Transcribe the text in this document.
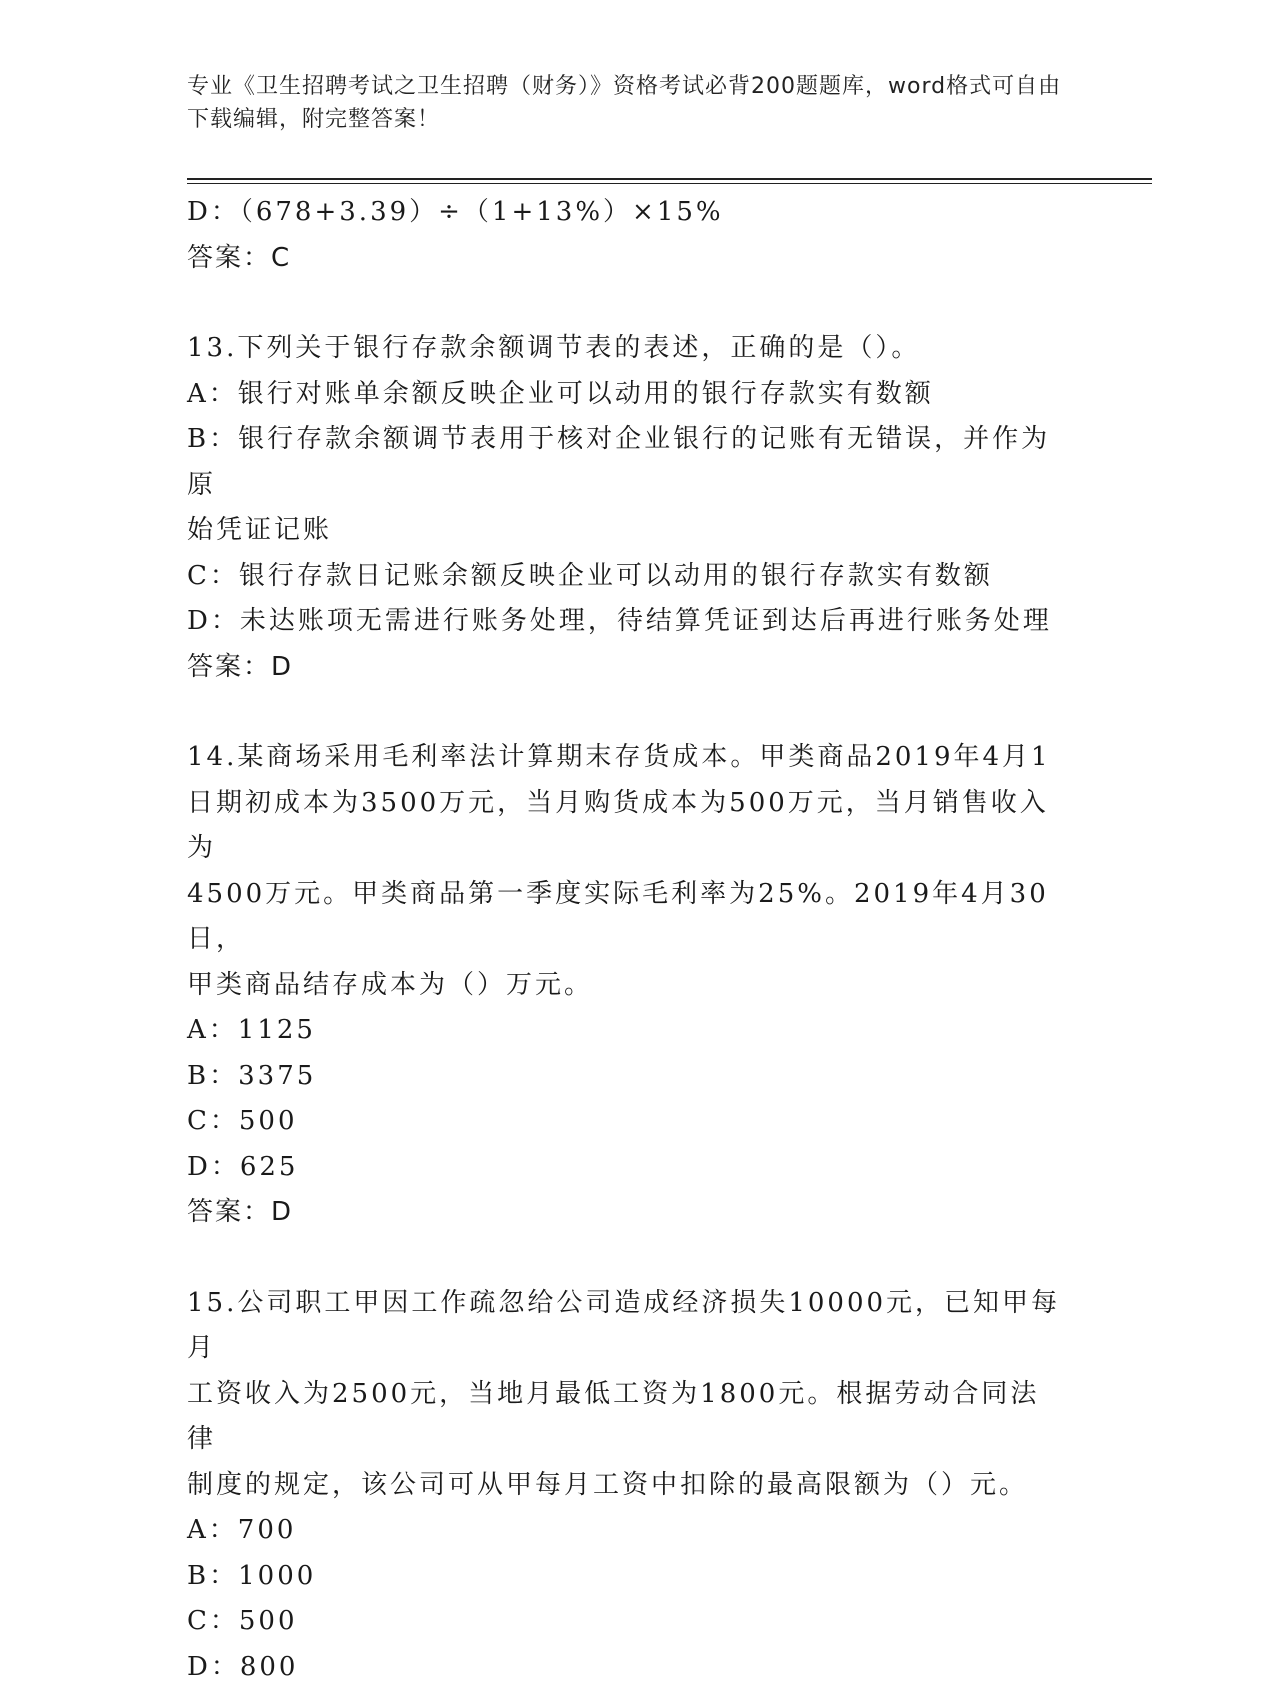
专业《卫生招聘考试之卫生招聘（财务）》资格考试必背200题题库，word格式可自由下载编辑，附完整答案！

D：（678+3.39）÷（1+13%）×15%

答案：C

13.下列关于银行存款余额调节表的表述，正确的是（）。

A：银行对账单余额反映企业可以动用的银行存款实有数额

B：银行存款余额调节表用于核对企业银行的记账有无错误，并作为原

始凭证记账

C：银行存款日记账余额反映企业可以动用的银行存款实有数额

D：未达账项无需进行账务处理，待结算凭证到达后再进行账务处理

答案：D

14.某商场采用毛利率法计算期末存货成本。甲类商品2019年4月1

日期初成本为3500万元，当月购货成本为500万元，当月销售收入为

4500万元。甲类商品第一季度实际毛利率为25%。2019年4月30日，

甲类商品结存成本为（）万元。

A：1125

B：3375

C：500

D：625

答案：D

15.公司职工甲因工作疏忽给公司造成经济损失10000元，已知甲每月

工资收入为2500元，当地月最低工资为1800元。根据劳动合同法律

制度的规定，该公司可从甲每月工资中扣除的最高限额为（）元。

A：700

B：1000

C：500

D：800
